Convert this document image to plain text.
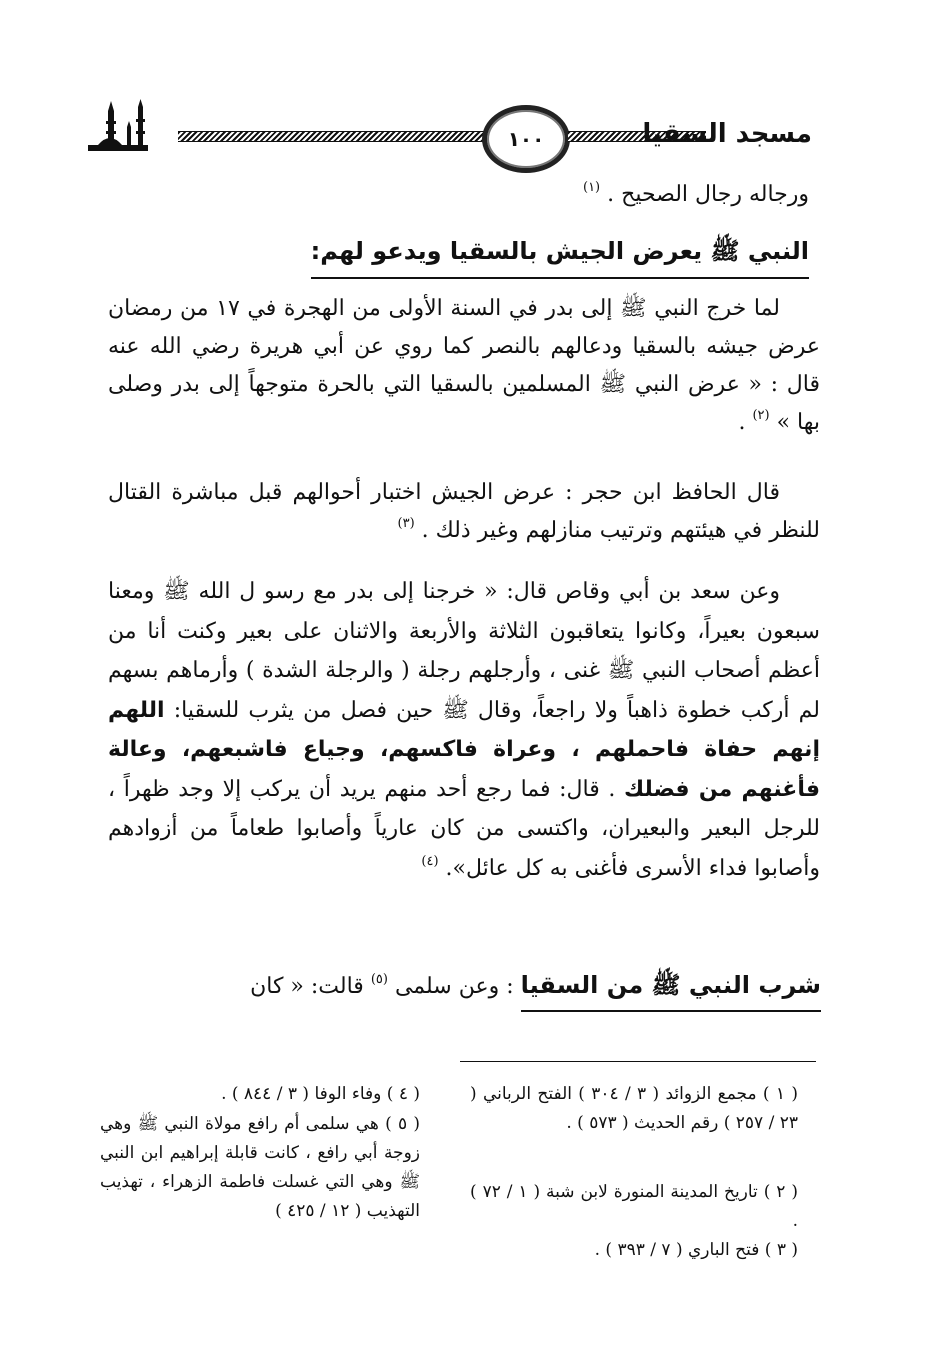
١٠٠	مسجد السقيا
ورجاله رجال الصحيح . $^{(١)}$
النبي ﷺ يعرض الجيش بالسقيا ويدعو لهم:
لما خرج النبي ﷺ إلى بدر في السنة الأولى من الهجرة في ١٧ من رمضان عرض جيشه بالسقيا ودعالهم بالنصر كما روي عن أبي هريرة رضي الله عنه قال : « عرض النبي ﷺ المسلمين بالسقيا التي بالحرة متوجهاً إلى بدر وصلى بها » $^{(٢)}$ .
قال الحافظ ابن حجر : عرض الجيش اختبار أحوالهم قبل مباشرة القتال للنظر في هيئتهم وترتيب منازلهم وغير ذلك . $^{(٣)}$
وعن سعد بن أبي وقاص قال: « خرجنا إلى بدر مع رسو ل الله ﷺ ومعنا سبعون بعيراً، وكانوا يتعاقبون الثلاثة والأربعة والاثنان على بعير وكنت أنا من أعظم أصحاب النبي ﷺ غنى ، وأرجلهم رجلة ( والرجلة الشدة ) وأرماهم بسهم لم أركب خطوة ذاهباً ولا راجعاً، وقال ﷺ حين فصل من يثرب للسقيا: اللهم إنهم حفاة فاحملهم ، وعراة فاكسهم، وجياع فاشبعهم، وعالة فأغنهم من فضلك . قال: فما رجع أحد منهم يريد أن يركب إلا وجد ظهراً ، للرجل البعير والبعيران، واكتسى من كان عارياً وأصابوا طعاماً من أزوادهم وأصابوا فداء الأسرى فأغنى به كل عائل». $^{(٤)}$
شرب النبي ﷺ من السقيا : وعن سلمى $^{(٥)}$ قالت: « كان
( ١ ) مجمع الزوائد ( ٣ / ٣٠٤ ) الفتح الرباني ( ٢٣ / ٢٥٧ ) رقم الحديث ( ٥٧٣ ) .
( ٢ ) تاريخ المدينة المنورة لابن شبة ( ١ / ٧٢ ) .
( ٣ ) فتح الباري ( ٧ / ٣٩٣ ) .
( ٤ ) وفاء الوفا ( ٣ / ٨٤٤ ) .
( ٥ ) هي سلمى أم رافع مولاة النبي ﷺ وهي زوجة أبي رافع ، كانت قابلة إبراهيم ابن النبي ﷺ وهي التي غسلت فاطمة الزهراء ، تهذيب التهذيب ( ١٢ / ٤٢٥ )
